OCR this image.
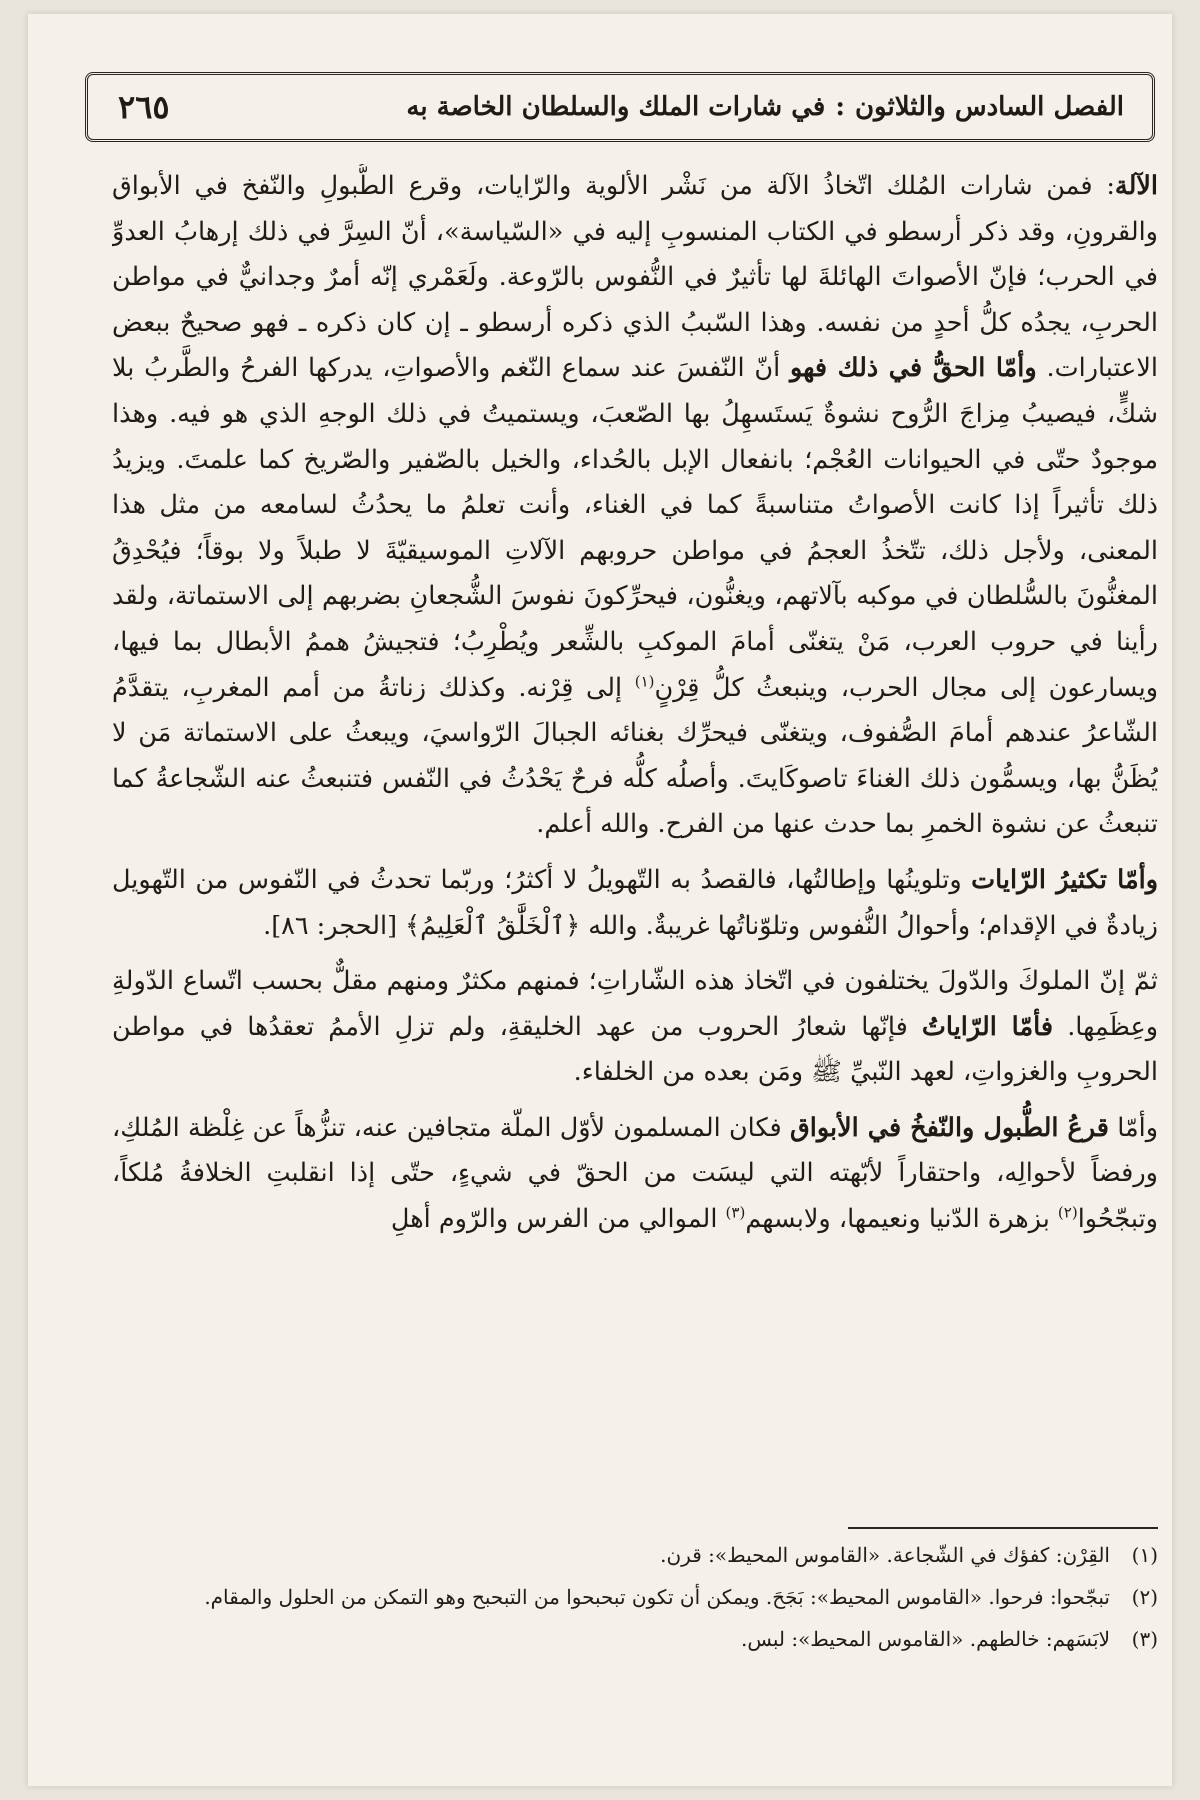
الفصل السادس والثلاثون:في شارات الملك والسلطان الخاصة به
٢٦٥

الآلة: فمن شارات المُلك اتّخاذُ الآلة من نَشْر الألوية والرّايات، وقرع الطُّبولِ والنّفخ في الأبواق والقرونِ، وقد ذكر أرسطو في الكتاب المنسوبِ إليه في «السّياسة»، أنّ السِرَّ في ذلك إرهابُ العدوِّ في الحرب؛ فإنّ الأصواتَ الهائلةَ لها تأثيرٌ في النُّفوس بالرّوعة. ولَعَمْري إنّه أمرٌ وجدانيٌّ في مواطن الحربِ، يجدُه كلُّ أحدٍ من نفسه. وهذا السّببُ الذي ذكره أرسطو ـ إن كان ذكره ـ فهو صحيحٌ ببعض الاعتبارات. وأمّا الحقُّ في ذلك فهو أنّ النّفسَ عند سماع النّغم والأصواتِ، يدركها الفرحُ والطَّربُ بلا شكٍّ، فيصيبُ مِزاجَ الرُّوح نشوةٌ يَستَسهِلُ بها الصّعبَ، ويستميتُ في ذلك الوجهِ الذي هو فيه. وهذا موجودٌ حتّى في الحيوانات العُجْم؛ بانفعال الإبل بالحُداء، والخيل بالصّفير والصّريخ كما علمتَ. ويزيدُ ذلك تأثيراً إذا كانت الأصواتُ متناسبةً كما في الغناء، وأنت تعلمُ ما يحدُثُ لسامعه من مثل هذا المعنى، ولأجل ذلك، تتّخذُ العجمُ في مواطن حروبهم الآلاتِ الموسيقيّةَ لا طبلاً ولا بوقاً؛ فيُحْدِقُ المغنُّونَ بالسُّلطان في موكبه بآلاتهم، ويغنُّون، فيحرِّكونَ نفوسَ الشُّجعانِ بضربهم إلى الاستماتة، ولقد رأينا في حروب العرب، مَنْ يتغنّى أمامَ الموكبِ بالشِّعر ويُطْرِبُ؛ فتجيشُ هممُ الأبطال بما فيها، ويسارعون إلى مجال الحرب، وينبعثُ كلُّ قِرْنٍ$^{(١)}$ إلى قِرْنه. وكذلك زناتةُ من أمم المغربِ، يتقدَّمُ الشّاعرُ عندهم أمامَ الصُّفوف، ويتغنّى فيحرِّك بغنائه الجبالَ الرّواسيَ، ويبعثُ على الاستماتة مَن لا يُظَنُّ بها، ويسمُّون ذلك الغناءَ تاصوكَايتَ. وأصلُه كلُّه فرحٌ يَحْدُثُ في النّفس فتنبعثُ عنه الشّجاعةُ كما تنبعثُ عن نشوة الخمرِ بما حدث عنها من الفرح. والله أعلم.

وأمّا تكثيرُ الرّايات وتلوينُها وإطالتُها، فالقصدُ به التّهويلُ لا أكثرُ؛ وربّما تحدثُ في النّفوس من التّهويل زيادةٌ في الإقدام؛ وأحوالُ النُّفوس وتلوّناتُها غريبةٌ. والله ﴿ٱلْخَلَّٰقُ ٱلْعَلِيمُ﴾ [الحجر: ٨٦].

ثمّ إنّ الملوكَ والدّولَ يختلفون في اتّخاذ هذه الشّاراتِ؛ فمنهم مكثرٌ ومنهم مقلٌّ بحسب اتّساع الدّولةِ وعِظَمِها. فأمّا الرّاياتُ فإنّها شعارُ الحروب من عهد الخليقةِ، ولم تزلِ الأممُ تعقدُها في مواطن الحروبِ والغزواتِ، لعهد النّبيِّ ﷺ ومَن بعده من الخلفاء.

وأمّا قرعُ الطُّبول والنّفخُ في الأبواق فكان المسلمون لأوّل الملّة متجافين عنه، تنزُّهاً عن غِلْظة المُلكِ، ورفضاً لأحوالِه، واحتقاراً لأبّهته التي ليسَت من الحقّ في شيءٍ، حتّى إذا انقلبتِ الخلافةُ مُلكاً، وتبجّحُوا$^{(٢)}$ بزهرة الدّنيا ونعيمها، ولابسهم$^{(٣)}$ الموالي من الفرس والرّوم أهلِ

(١)
القِرْن: كفؤك في الشّجاعة. «القاموس المحيط»: قرن.
(٢)
تبجّحوا: فرحوا. «القاموس المحيط»: بَجَحَ. ويمكن أن تكون تبحبحوا من التبحبح وهو التمكن من الحلول والمقام.
(٣)
لابَسَهم: خالطهم. «القاموس المحيط»: لبس.
